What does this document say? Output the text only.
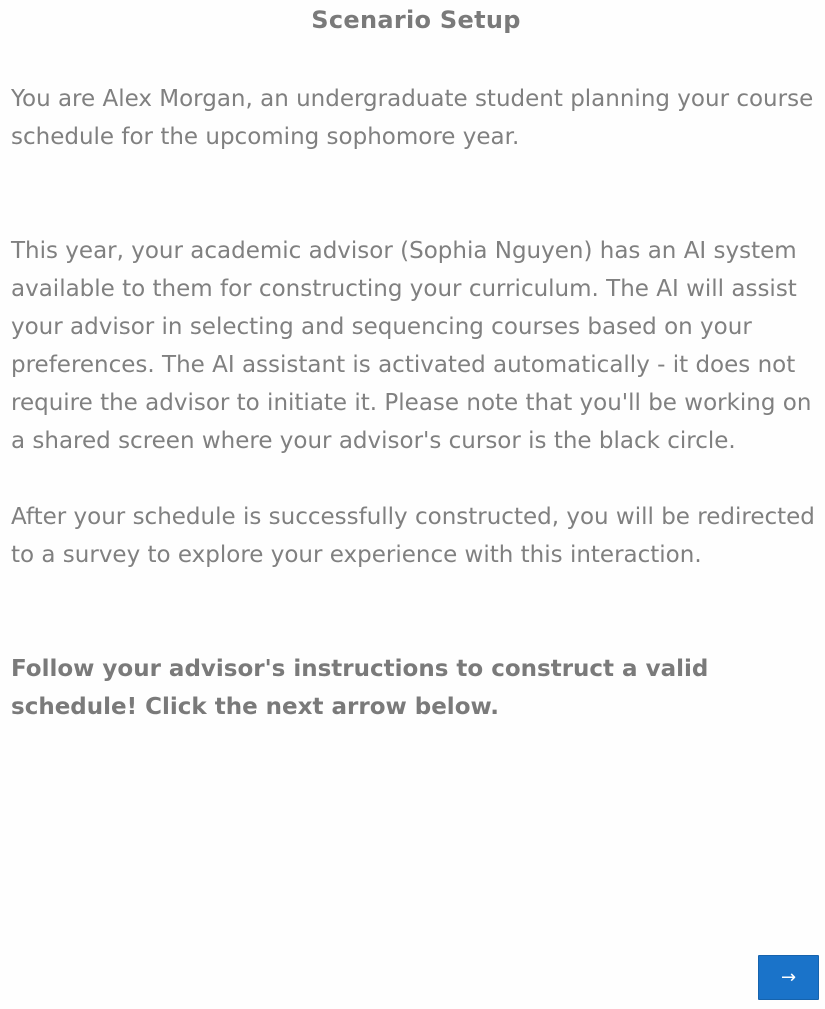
Scenario Setup

You are Alex Morgan, an undergraduate student planning your course schedule for the upcoming sophomore year.

This year, your academic advisor (Sophia Nguyen) has an AI system available to them for constructing your curriculum. The AI will assist your advisor in selecting and sequencing courses based on your preferences. The AI assistant is activated automatically - it does not require the advisor to initiate it. Please note that you'll be working on a shared screen where your advisor's cursor is the black circle.

After your schedule is successfully constructed, you will be redirected to a survey to explore your experience with this interaction.

Follow your advisor's instructions to construct a valid schedule! Click the next arrow below.

→
